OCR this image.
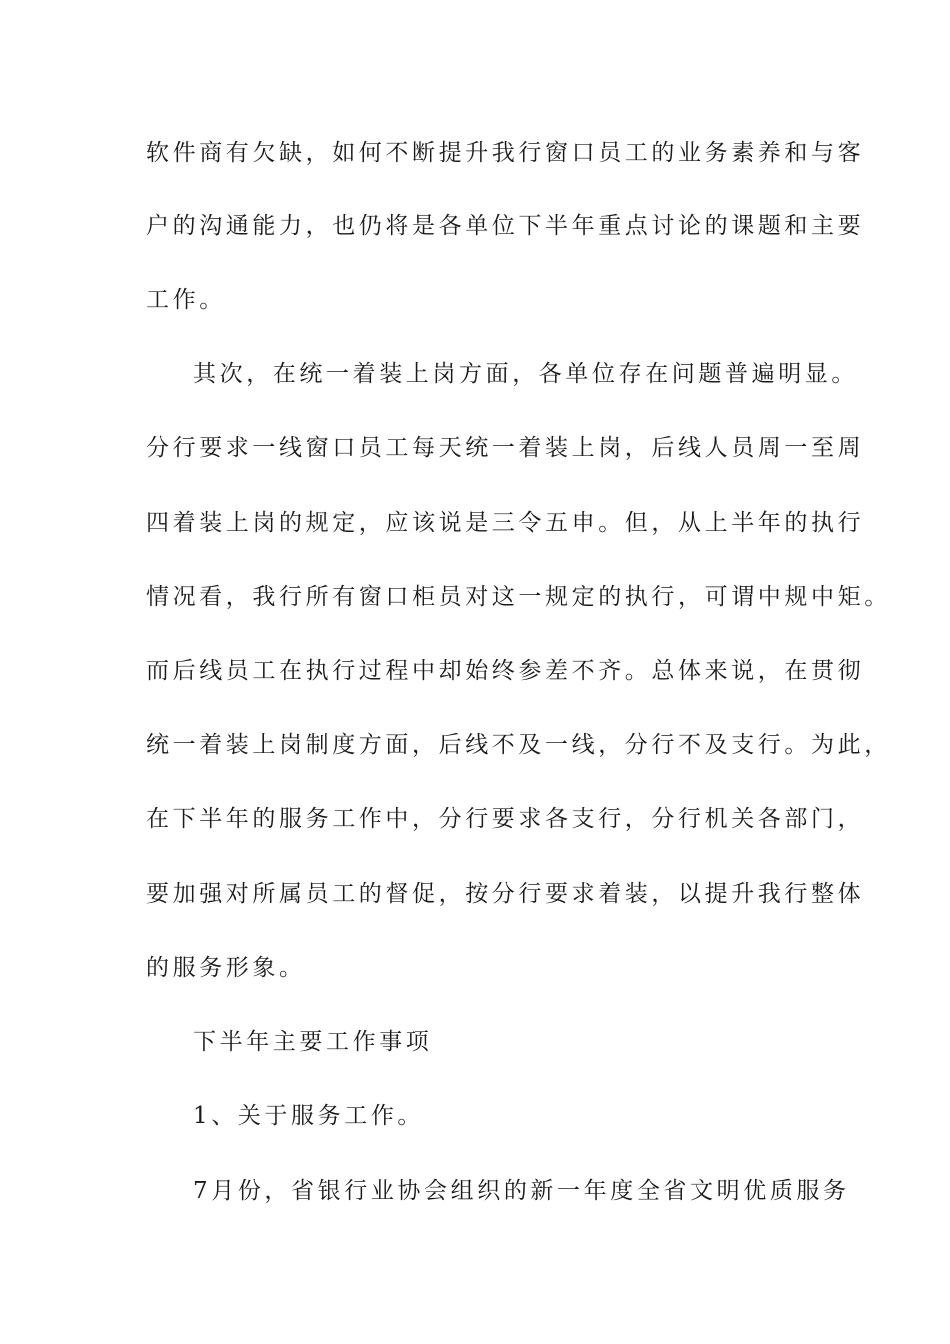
软件商有欠缺，如何不断提升我行窗口员工的业务素养和与客
户的沟通能力，也仍将是各单位下半年重点讨论的课题和主要
工作。
其次，在统一着装上岗方面，各单位存在问题普遍明显。
分行要求一线窗口员工每天统一着装上岗，后线人员周一至周
四着装上岗的规定，应该说是三令五申。但，从上半年的执行
情况看，我行所有窗口柜员对这一规定的执行，可谓中规中矩。
而后线员工在执行过程中却始终参差不齐。总体来说，在贯彻
统一着装上岗制度方面，后线不及一线，分行不及支行。为此，
在下半年的服务工作中，分行要求各支行，分行机关各部门，
要加强对所属员工的督促，按分行要求着装，以提升我行整体
的服务形象。
下半年主要工作事项
1、关于服务工作。
7月份，省银行业协会组织的新一年度全省文明优质服务
